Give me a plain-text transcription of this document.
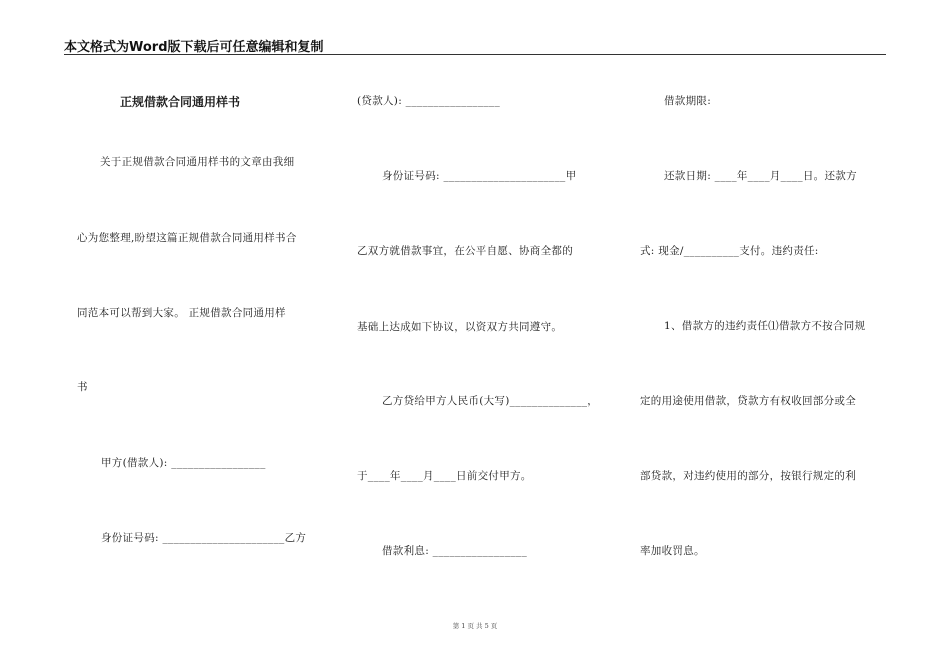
本文格式为Word版下载后可任意编辑和复制
正规借款合同通用样书
关于正规借款合同通用样书的文章由我细
心为您整理,盼望这篇正规借款合同通用样书合
同范本可以帮到大家。 正规借款合同通用样
书
甲方(借款人): _________________
身份证号码: ______________________乙方
(贷款人): _________________
身份证号码: ______________________甲
乙双方就借款事宜，在公平自愿、协商全都的
基础上达成如下协议，以资双方共同遵守。
乙方贷给甲方人民币(大写)______________，
于____年____月____日前交付甲方。
借款利息: _________________
借款期限:
还款日期: ____年____月____日。还款方
式: 现金/__________支付。违约责任:
1、借款方的违约责任⑴借款方不按合同规
定的用途使用借款，贷款方有权收回部分或全
部贷款，对违约使用的部分，按银行规定的利
率加收罚息。
第 1 页 共 5 页
